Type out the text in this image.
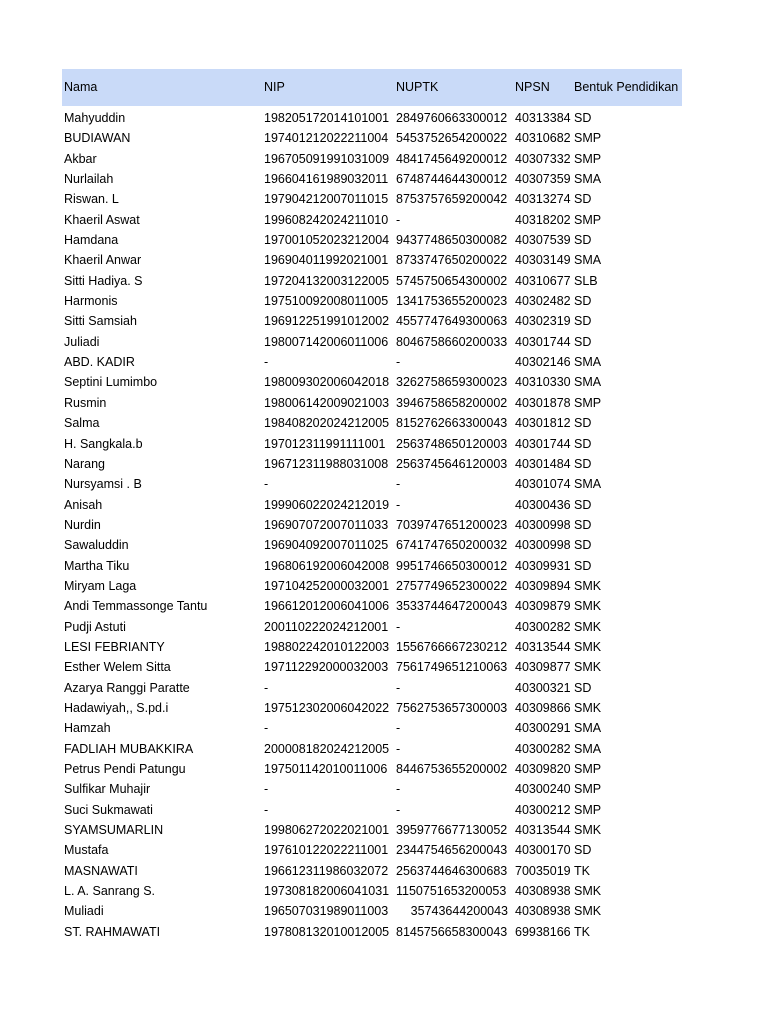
Nama	NIP	NUPTK	NPSN Bentuk Pendidikan
Mahyuddin	198205172014101001 2849760663300012 40313384 SD
BUDIAWAN	197401212022211004 5453752654200022 40310682 SMP
Akbar	196705091991031009 4841745649200012 40307332 SMP
Nurlailah	196604161989032011 6748744644300012 40307359 SMA
Riswan. L	197904212007011015 8753757659200042 40313274 SD
Khaeril Aswat	199608242024211010 -	40318202 SMP
Hamdana	197001052023212004 9437748650300082 40307539 SD
Khaeril Anwar	196904011992021001 8733747650200022 40303149 SMA
Sitti Hadiya. S	197204132003122005 5745750654300002 40310677 SLB
Harmonis	197510092008011005 1341753655200023 40302482 SD
Sitti Samsiah	196912251991012002 4557747649300063 40302319 SD
Juliadi	198007142006011006 8046758660200033 40301744 SD
ABD. KADIR	-	-	40302146 SMA
Septini Lumimbo	198009302006042018 3262758659300023 40310330 SMA
Rusmin	198006142009021003 3946758658200002 40301878 SMP
Salma	198408202024212005 8152762663300043 40301812 SD
H. Sangkala.b	197012311991111001 2563748650120003 40301744 SD
Narang	196712311988031008 2563745646120003 40301484 SD
Nursyamsi . B	-	-	40301074 SMA
Anisah	199906022024212019 -	40300436 SD
Nurdin	196907072007011033 7039747651200023 40300998 SD
Sawaluddin	196904092007011025 6741747650200032 40300998 SD
Martha Tiku	196806192006042008 9951746650300012 40309931 SD
Miryam Laga	197104252000032001 2757749652300022 40309894 SMK
Andi Temmassonge Tantu	196612012006041006 3533744647200043 40309879 SMK
Pudji Astuti	200110222024212001 -	40300282 SMK
LESI FEBRIANTY	198802242010122003 1556766667230212 40313544 SMK
Esther Welem Sitta	197112292000032003 7561749651210063 40309877 SMK
Azarya Ranggi Paratte	-	-	40300321 SD
Hadawiyah,, S.pd.i	197512302006042022 7562753657300003 40309866 SMK
Hamzah	-	-	40300291 SMA
FADLIAH MUBAKKIRA	200008182024212005 -	40300282 SMA
Petrus Pendi Patungu	197501142010011006 8446753655200002 40309820 SMP
Sulfikar Muhajir	-	-	40300240 SMP
Suci Sukmawati	-	-	40300212 SMP
SYAMSUMARLIN	199806272022021001 3959776677130052 40313544 SMK
Mustafa	197610122022211001 2344754656200043 40300170 SD
MASNAWATI	196612311986032072 2563744646300683 70035019 TK
L. A. Sanrang S.	197308182006041031 1150751653200053 40308938 SMK
Muliadi	196507031989011003 35743644200043 40308938 SMK
ST. RAHMAWATI	197808132010012005 8145756658300043 69938166 TK
